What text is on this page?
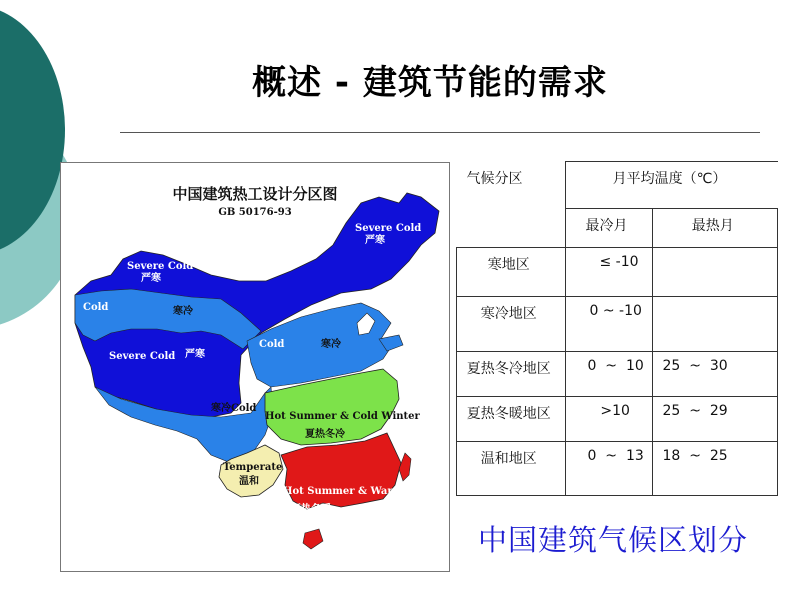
概述 - 建筑节能的需求
中国建筑热工设计分区图
GB 50176-93
Severe Cold
严寒
Severe Cold
严寒
Cold	寒冷
Severe Cold 严寒
Cold	寒冷
寒冷Cold
Hot Summer & Cold Winter
夏热冬冷
Temperate
温和
Hot Summer & Warm Winter
夏热冬暖
气候分区	月平均温度（℃）	
	最冷月	最热月
寒地区	≤ -10	
寒冷地区	0 ~ -10	
夏热冬冷地区	0  ~  10	25  ~  30
夏热冬暖地区	>10	25  ~  29
温和地区	0  ~  13	18  ~  25
中国建筑气候区划分
